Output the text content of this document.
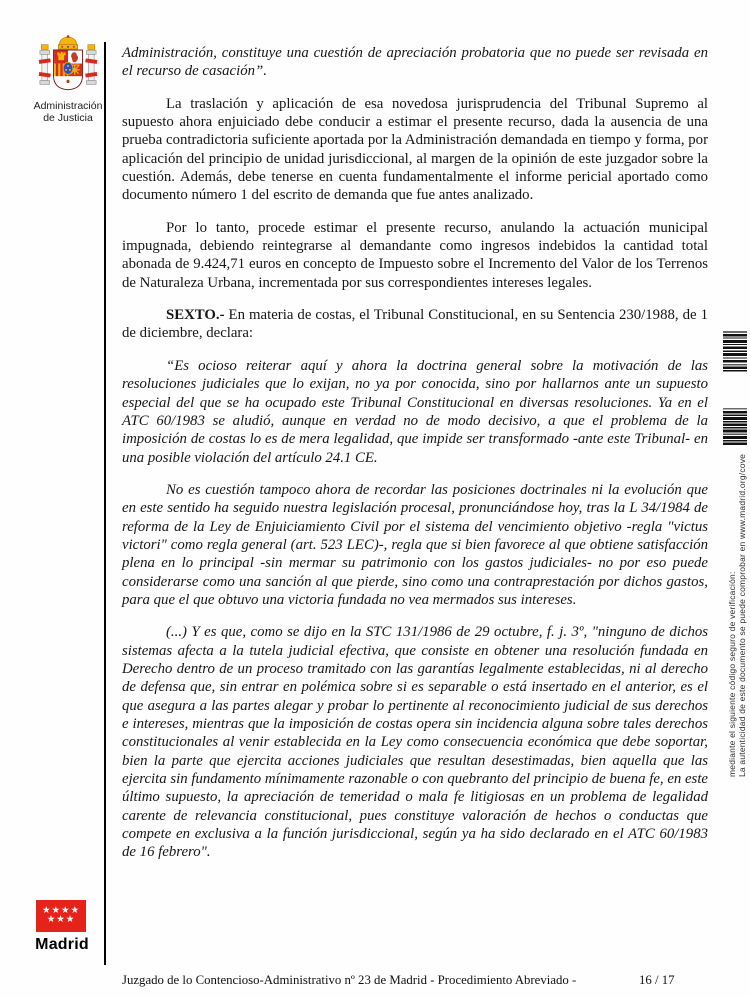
Administración
de Justicia
★★★★
★★★
Madrid

Administración, constituye una cuestión de apreciación probatoria que no puede ser revisada en el recurso de casación”.

La traslación y aplicación de esa novedosa jurisprudencia del Tribunal Supremo al supuesto ahora enjuiciado debe conducir a estimar el presente recurso, dada la ausencia de una prueba contradictoria suficiente aportada por la Administración demandada en tiempo y forma, por aplicación del principio de unidad jurisdiccional, al margen de la opinión de este juzgador sobre la cuestión. Además, debe tenerse en cuenta fundamentalmente el informe pericial aportado como documento número 1 del escrito de demanda que fue antes analizado.

Por lo tanto, procede estimar el presente recurso, anulando la actuación municipal impugnada, debiendo reintegrarse al demandante como ingresos indebidos la cantidad total abonada de 9.424,71 euros en concepto de Impuesto sobre el Incremento del Valor de los Terrenos de Naturaleza Urbana, incrementada por sus correspondientes intereses legales.

SEXTO.- En materia de costas, el Tribunal Constitucional, en su Sentencia 230/1988, de 1 de diciembre, declara:

“Es ocioso reiterar aquí y ahora la doctrina general sobre la motivación de las resoluciones judiciales que lo exijan, no ya por conocida, sino por hallarnos ante un supuesto especial del que se ha ocupado este Tribunal Constitucional en diversas resoluciones. Ya en el ATC 60/1983 se aludió, aunque en verdad no de modo decisivo, a que el problema de la imposición de costas lo es de mera legalidad, que impide ser transformado -ante este Tribunal- en una posible violación del artículo 24.1 CE.

No es cuestión tampoco ahora de recordar las posiciones doctrinales ni la evolución que en este sentido ha seguido nuestra legislación procesal, pronunciándose hoy, tras la L 34/1984 de reforma de la Ley de Enjuiciamiento Civil por el sistema del vencimiento objetivo -regla "victus victori" como regla general (art. 523 LEC)-, regla que si bien favorece al que obtiene satisfacción plena en lo principal -sin mermar su patrimonio con los gastos judiciales- no por eso puede considerarse como una sanción al que pierde, sino como una contraprestación por dichos gastos, para que el que obtuvo una victoria fundada no vea mermados sus intereses.

(...) Y es que, como se dijo en la STC 131/1986 de 29 octubre, f. j. 3º, "ninguno de dichos sistemas afecta a la tutela judicial efectiva, que consiste en obtener una resolución fundada en Derecho dentro de un proceso tramitado con las garantías legalmente establecidas, ni al derecho de defensa que, sin entrar en polémica sobre si es separable o está insertado en el anterior, es el que asegura a las partes alegar y probar lo pertinente al reconocimiento judicial de sus derechos e intereses, mientras que la imposición de costas opera sin incidencia alguna sobre tales derechos constitucionales al venir establecida en la Ley como consecuencia económica que debe soportar, bien la parte que ejercita acciones judiciales que resultan desestimadas, bien aquella que las ejercita sin fundamento mínimamente razonable o con quebranto del principio de buena fe, en este último supuesto, la apreciación de temeridad o mala fe litigiosas en un problema de legalidad carente de relevancia constitucional, pues constituye valoración de hechos o conductas que compete en exclusiva a la función jurisdiccional, según ya ha sido declarado en el ATC 60/1983 de 16 febrero".

Juzgado de lo Contencioso-Administrativo nº 23 de Madrid - Procedimiento Abreviado -	16 / 17
La autenticidad de este documento se puede comprobar en www.madrid.org/cove
mediante el siguiente código seguro de verificación:
